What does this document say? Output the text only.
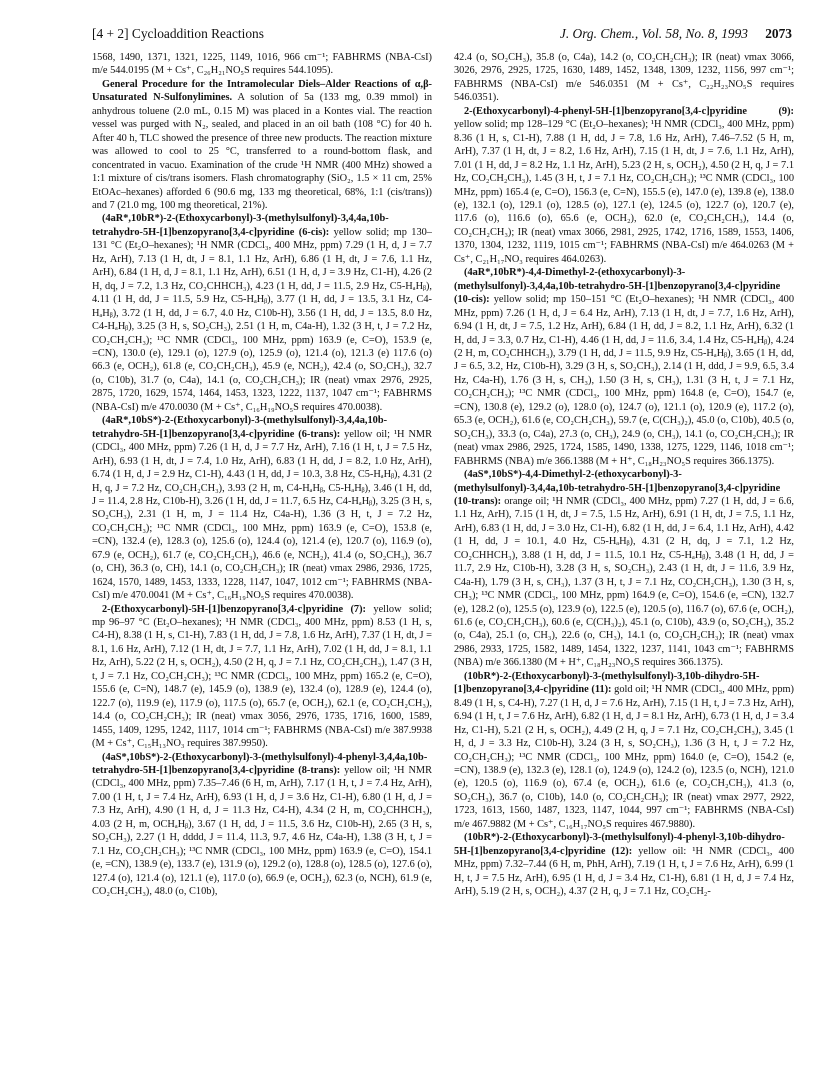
[4 + 2] Cycloaddition Reactions	J. Org. Chem., Vol. 58, No. 8, 1993 2073

1568, 1490, 1371, 1321, 1225, 1149, 1016, 966 cm⁻¹; FABHRMS (NBA-CsI) m/e 544.0195 (M + Cs⁺, C₂₆H₂₁NO₅S requires 544.1095).

General Procedure for the Intramolecular Diels–Alder Reactions of α,β-Unsaturated N-Sulfonylimines. A solution of 5a (133 mg, 0.39 mmol) in anhydrous toluene (2.0 mL, 0.15 M) was placed in a Kontes vial. The reaction vessel was purged with N₂, sealed, and placed in an oil bath (108 °C) for 40 h. After 40 h, TLC showed the presence of three new products. The reaction mixture was allowed to cool to 25 °C, transferred to a round-bottom flask, and concentrated in vacuo. Examination of the crude ¹H NMR (400 MHz) showed a 1:1 mixture of cis/trans isomers. Flash chromatography (SiO₂, 1.5 × 11 cm, 25% EtOAc–hexanes) afforded 6 (90.6 mg, 133 mg theoretical, 68%, 1:1 (cis/trans)) and 7 (21.0 mg, 100 mg theoretical, 21%).

(4aR*,10bR*)-2-(Ethoxycarbonyl)-3-(methylsulfonyl)-3,4,4a,10b-tetrahydro-5H-[1]benzopyrano[3,4-c]pyridine (6-cis): yellow solid; mp 130–131 °C (Et₂O–hexanes); ¹H NMR (CDCl₃, 400 MHz, ppm) 7.29 (1 H, d, J = 7.7 Hz, ArH), 7.13 (1 H, dt, J = 8.1, 1.1 Hz, ArH), 6.86 (1 H, dt, J = 7.6, 1.1 Hz, ArH), 6.84 (1 H, d, J = 8.1, 1.1 Hz, ArH), 6.51 (1 H, d, J = 3.9 Hz, C1-H), 4.26 (2 H, dq, J = 7.2, 1.3 Hz, CO₂CHHCH₃), 4.23 (1 H, dd, J = 11.5, 2.9 Hz, C5-HₐHᵦ), 4.11 (1 H, dd, J = 11.5, 5.9 Hz, C5-HₐHᵦ), 3.77 (1 H, dd, J = 13.5, 3.1 Hz, C4-HₐHᵦ), 3.72 (1 H, dd, J = 6.7, 4.0 Hz, C10b-H), 3.56 (1 H, dd, J = 13.5, 8.0 Hz, C4-HₐHᵦ), 3.25 (3 H, s, SO₂CH₃), 2.51 (1 H, m, C4a-H), 1.32 (3 H, t, J = 7.2 Hz, CO₂CH₂CH₃); ¹³C NMR (CDCl₃, 100 MHz, ppm) 163.9 (e, C=O), 153.9 (e, =CN), 130.0 (e), 129.1 (o), 127.9 (o), 125.9 (o), 121.4 (o), 121.3 (e) 117.6 (o) 66.3 (e, OCH₂), 61.8 (e, CO₂CH₂CH₃), 45.9 (e, NCH₂), 42.4 (o, SO₂CH₃), 32.7 (o, C10b), 31.7 (o, C4a), 14.1 (o, CO₂CH₂CH₃); IR (neat) νmax 2976, 2925, 2875, 1720, 1629, 1574, 1464, 1453, 1323, 1222, 1137, 1047 cm⁻¹; FABHRMS (NBA-CsI) m/e 470.0030 (M + Cs⁺, C₁₆H₁₉NO₅S requires 470.0038).

(4aR*,10bS*)-2-(Ethoxycarbonyl)-3-(methylsulfonyl)-3,4,4a,10b-tetrahydro-5H-[1]benzopyrano[3,4-c]pyridine (6-trans): yellow oil; ¹H NMR (CDCl₃, 400 MHz, ppm) 7.26 (1 H, d, J = 7.7 Hz, ArH), 7.16 (1 H, t, J = 7.5 Hz, ArH), 6.93 (1 H, dt, J = 7.4, 1.0 Hz, ArH), 6.83 (1 H, dd, J = 8.2, 1.0 Hz, ArH), 6.74 (1 H, d, J = 2.9 Hz, C1-H), 4.43 (1 H, dd, J = 10.3, 3.8 Hz, C5-HₐHᵦ), 4.31 (2 H, q, J = 7.2 Hz, CO₂CH₂CH₃), 3.93 (2 H, m, C4-HₐHᵦ, C5-HₐHᵦ), 3.46 (1 H, dd, J = 11.4, 2.8 Hz, C10b-H), 3.26 (1 H, dd, J = 11.7, 6.5 Hz, C4-HₐHᵦ), 3.25 (3 H, s, SO₂CH₃), 2.31 (1 H, m, J = 11.4 Hz, C4a-H), 1.36 (3 H, t, J = 7.2 Hz, CO₂CH₂CH₃); ¹³C NMR (CDCl₃, 100 MHz, ppm) 163.9 (e, C=O), 153.8 (e, =CN), 132.4 (e), 128.3 (o), 125.6 (o), 124.4 (o), 121.4 (e), 120.7 (o), 116.9 (o), 67.9 (e, OCH₂), 61.7 (e, CO₂CH₂CH₃), 46.6 (e, NCH₂), 41.4 (o, SO₂CH₃), 36.7 (o, CH), 36.3 (o, CH), 14.1 (o, CO₂CH₂CH₃); IR (neat) νmax 2986, 2936, 1725, 1624, 1570, 1489, 1453, 1333, 1228, 1147, 1047, 1012 cm⁻¹; FABHRMS (NBA-CsI) m/e 470.0041 (M + Cs⁺, C₁₆H₁₉NO₅S requires 470.0038).

2-(Ethoxycarbonyl)-5H-[1]benzopyrano[3,4-c]pyridine (7): yellow solid; mp 96–97 °C (Et₂O–hexanes); ¹H NMR (CDCl₃, 400 MHz, ppm) 8.53 (1 H, s, C4-H), 8.38 (1 H, s, C1-H), 7.83 (1 H, dd, J = 7.8, 1.6 Hz, ArH), 7.37 (1 H, dt, J = 8.1, 1.6 Hz, ArH), 7.12 (1 H, dt, J = 7.7, 1.1 Hz, ArH), 7.02 (1 H, dd, J = 8.1, 1.1 Hz, ArH), 5.22 (2 H, s, OCH₂), 4.50 (2 H, q, J = 7.1 Hz, CO₂CH₂CH₃), 1.47 (3 H, t, J = 7.1 Hz, CO₂CH₂CH₃); ¹³C NMR (CDCl₃, 100 MHz, ppm) 165.2 (e, C=O), 155.6 (e, C=N), 148.7 (e), 145.9 (o), 138.9 (e), 132.4 (o), 128.9 (e), 124.4 (o), 122.7 (o), 119.9 (e), 117.9 (o), 117.5 (o), 65.7 (e, OCH₂), 62.1 (e, CO₂CH₂CH₃), 14.4 (o, CO₂CH₂CH₃); IR (neat) νmax 3056, 2976, 1735, 1716, 1600, 1589, 1455, 1409, 1295, 1242, 1117, 1014 cm⁻¹; FABHRMS (NBA-CsI) m/e 387.9938 (M + Cs⁺, C₁₅H₁₃NO₃ requires 387.9950).

(4aS*,10bS*)-2-(Ethoxycarbonyl)-3-(methylsulfonyl)-4-phenyl-3,4,4a,10b-tetrahydro-5H-[1]benzopyrano[3,4-c]pyridine (8-trans): yellow oil; ¹H NMR (CDCl₃, 400 MHz, ppm) 7.35–7.46 (6 H, m, ArH), 7.17 (1 H, t, J = 7.4 Hz, ArH), 7.00 (1 H, t, J = 7.4 Hz, ArH), 6.93 (1 H, d, J = 3.6 Hz, C1-H), 6.80 (1 H, d, J = 7.3 Hz, ArH), 4.90 (1 H, d, J = 11.3 Hz, C4-H), 4.34 (2 H, m, CO₂CHHCH₃), 4.03 (2 H, m, OCHₐHᵦ), 3.67 (1 H, dd, J = 11.5, 3.6 Hz, C10b-H), 2.65 (3 H, s, SO₂CH₃), 2.27 (1 H, dddd, J = 11.4, 11.3, 9.7, 4.6 Hz, C4a-H), 1.38 (3 H, t, J = 7.1 Hz, CO₂CH₂CH₃); ¹³C NMR (CDCl₃, 100 MHz, ppm) 163.9 (e, C=O), 154.1 (e, =CN), 138.9 (e), 133.7 (e), 131.9 (o), 129.2 (o), 128.8 (o), 128.5 (o), 127.6 (o), 127.4 (o), 121.4 (o), 121.1 (e), 117.0 (o), 66.9 (e, OCH₂), 62.3 (o, NCH), 61.9 (e, CO₂CH₂CH₃), 48.0 (o, C10b),

42.4 (o, SO₂CH₃), 35.8 (o, C4a), 14.2 (o, CO₂CH₂CH₃); IR (neat) νmax 3066, 3026, 2976, 2925, 1725, 1630, 1489, 1452, 1348, 1309, 1232, 1156, 997 cm⁻¹; FABHRMS (NBA-CsI) m/e 546.0351 (M + Cs⁺, C₂₂H₂₃NO₅S requires 546.0351).

2-(Ethoxycarbonyl)-4-phenyl-5H-[1]benzopyrano[3,4-c]pyridine (9): yellow solid; mp 128–129 °C (Et₂O–hexanes); ¹H NMR (CDCl₃, 400 MHz, ppm) 8.36 (1 H, s, C1-H), 7.88 (1 H, dd, J = 7.8, 1.6 Hz, ArH), 7.46–7.52 (5 H, m, ArH), 7.37 (1 H, dt, J = 8.2, 1.6 Hz, ArH), 7.15 (1 H, dt, J = 7.6, 1.1 Hz, ArH), 7.01 (1 H, dd, J = 8.2 Hz, 1.1 Hz, ArH), 5.23 (2 H, s, OCH₂), 4.50 (2 H, q, J = 7.1 Hz, CO₂CH₂CH₃), 1.45 (3 H, t, J = 7.1 Hz, CO₂CH₂CH₃); ¹³C NMR (CDCl₃, 100 MHz, ppm) 165.4 (e, C=O), 156.3 (e, C=N), 155.5 (e), 147.0 (e), 139.8 (e), 138.0 (e), 132.1 (o), 129.1 (o), 128.5 (o), 127.1 (e), 124.5 (o), 122.7 (o), 120.7 (e), 117.6 (o), 116.6 (o), 65.6 (e, OCH₂), 62.0 (e, CO₂CH₂CH₃), 14.4 (o, CO₂CH₂CH₃); IR (neat) νmax 3066, 2981, 2925, 1742, 1716, 1589, 1553, 1406, 1370, 1304, 1232, 1119, 1015 cm⁻¹; FABHRMS (NBA-CsI) m/e 464.0263 (M + Cs⁺, C₂₁H₁₇NO₃ requires 464.0263).

(4aR*,10bR*)-4,4-Dimethyl-2-(ethoxycarbonyl)-3-(methylsulfonyl)-3,4,4a,10b-tetrahydro-5H-[1]benzopyrano[3,4-c]pyridine (10-cis): yellow solid; mp 150–151 °C (Et₂O–hexanes); ¹H NMR (CDCl₃, 400 MHz, ppm) 7.26 (1 H, d, J = 6.4 Hz, ArH), 7.13 (1 H, dt, J = 7.7, 1.6 Hz, ArH), 6.94 (1 H, dt, J = 7.5, 1.2 Hz, ArH), 6.84 (1 H, dd, J = 8.2, 1.1 Hz, ArH), 6.32 (1 H, dd, J = 3.3, 0.7 Hz, C1-H), 4.46 (1 H, dd, J = 11.6, 3.4, 1.4 Hz, C5-HₐHᵦ), 4.24 (2 H, m, CO₂CHHCH₃), 3.79 (1 H, dd, J = 11.5, 9.9 Hz, C5-HₐHᵦ), 3.65 (1 H, dd, J = 6.5, 3.2, Hz, C10b-H), 3.29 (3 H, s, SO₂CH₃), 2.14 (1 H, ddd, J = 9.9, 6.5, 3.4 Hz, C4a-H), 1.76 (3 H, s, CH₃), 1.50 (3 H, s, CH₃), 1.31 (3 H, t, J = 7.1 Hz, CO₂CH₂CH₃); ¹³C NMR (CDCl₃, 100 MHz, ppm) 164.8 (e, C=O), 154.7 (e, =CN), 130.8 (e), 129.2 (o), 128.0 (o), 124.7 (o), 121.1 (o), 120.9 (e), 117.2 (o), 65.3 (e, OCH₂), 61.6 (e, CO₂CH₂CH₃), 59.7 (e, C(CH₃)₂), 45.0 (o, C10b), 40.5 (o, SO₂CH₃), 33.3 (o, C4a), 27.3 (o, CH₃), 24.9 (o, CH₃), 14.1 (o, CO₂CH₂CH₃); IR (neat) νmax 2986, 2925, 1724, 1585, 1490, 1338, 1275, 1229, 1146, 1018 cm⁻¹; FABHRMS (NBA) m/e 366.1388 (M + H⁺, C₁₈H₂₃NO₅S requires 366.1375).

(4aS*,10bS*)-4,4-Dimethyl-2-(ethoxycarbonyl)-3-(methylsulfonyl)-3,4,4a,10b-tetrahydro-5H-[1]benzopyrano[3,4-c]pyridine (10-trans): orange oil; ¹H NMR (CDCl₃, 400 MHz, ppm) 7.27 (1 H, dd, J = 6.6, 1.1 Hz, ArH), 7.15 (1 H, dt, J = 7.5, 1.5 Hz, ArH), 6.91 (1 H, dt, J = 7.5, 1.1 Hz, ArH), 6.83 (1 H, dd, J = 3.0 Hz, C1-H), 6.82 (1 H, dd, J = 6.4, 1.1 Hz, ArH), 4.42 (1 H, dd, J = 10.1, 4.0 Hz, C5-HₐHᵦ), 4.31 (2 H, dq, J = 7.1, 1.2 Hz, CO₂CHHCH₃), 3.88 (1 H, dd, J = 11.5, 10.1 Hz, C5-HₐHᵦ), 3.48 (1 H, dd, J = 11.7, 2.9 Hz, C10b-H), 3.28 (3 H, s, SO₂CH₃), 2.43 (1 H, dt, J = 11.6, 3.9 Hz, C4a-H), 1.79 (3 H, s, CH₃), 1.37 (3 H, t, J = 7.1 Hz, CO₂CH₂CH₃), 1.30 (3 H, s, CH₃); ¹³C NMR (CDCl₃, 100 MHz, ppm) 164.9 (e, C=O), 154.6 (e, =CN), 132.7 (e), 128.2 (o), 125.5 (o), 123.9 (o), 122.5 (e), 120.5 (o), 116.7 (o), 67.6 (e, OCH₂), 61.6 (e, CO₂CH₂CH₃), 60.6 (e, C(CH₃)₂), 45.1 (o, C10b), 43.9 (o, SO₂CH₃), 35.2 (o, C4a), 25.1 (o, CH₃), 22.6 (o, CH₃), 14.1 (o, CO₂CH₂CH₃); IR (neat) νmax 2986, 2933, 1725, 1582, 1489, 1454, 1322, 1237, 1141, 1043 cm⁻¹; FABHRMS (NBA) m/e 366.1380 (M + H⁺, C₁₈H₂₃NO₅S requires 366.1375).

(10bR*)-2-(Ethoxycarbonyl)-3-(methylsulfonyl)-3,10b-dihydro-5H-[1]benzopyrano[3,4-c]pyridine (11): gold oil; ¹H NMR (CDCl₃, 400 MHz, ppm) 8.49 (1 H, s, C4-H), 7.27 (1 H, d, J = 7.6 Hz, ArH), 7.15 (1 H, t, J = 7.3 Hz, ArH), 6.94 (1 H, t, J = 7.6 Hz, ArH), 6.82 (1 H, d, J = 8.1 Hz, ArH), 6.73 (1 H, d, J = 3.4 Hz, C1-H), 5.21 (2 H, s, OCH₂), 4.49 (2 H, q, J = 7.1 Hz, CO₂CH₂CH₃), 3.45 (1 H, d, J = 3.3 Hz, C10b-H), 3.24 (3 H, s, SO₂CH₃), 1.36 (3 H, t, J = 7.2 Hz, CO₂CH₂CH₃); ¹³C NMR (CDCl₃, 100 MHz, ppm) 164.0 (e, C=O), 154.2 (e, =CN), 138.9 (e), 132.3 (e), 128.1 (o), 124.9 (o), 124.2 (o), 123.5 (o, NCH), 121.0 (e), 120.5 (o), 116.9 (o), 67.4 (e, OCH₂), 61.6 (e, CO₂CH₂CH₃), 41.3 (o, SO₂CH₃), 36.7 (o, C10b), 14.0 (o, CO₂CH₂CH₃); IR (neat) νmax 2977, 2922, 1723, 1613, 1560, 1487, 1323, 1147, 1044, 997 cm⁻¹; FABHRMS (NBA-CsI) m/e 467.9882 (M + Cs⁺, C₁₆H₁₇NO₅S requires 467.9880).

(10bR*)-2-(Ethoxycarbonyl)-3-(methylsulfonyl)-4-phenyl-3,10b-dihydro-5H-[1]benzopyrano[3,4-c]pyridine (12): yellow oil: ¹H NMR (CDCl₃, 400 MHz, ppm) 7.32–7.44 (6 H, m, PhH, ArH), 7.19 (1 H, t, J = 7.6 Hz, ArH), 6.99 (1 H, t, J = 7.5 Hz, ArH), 6.95 (1 H, d, J = 3.4 Hz, C1-H), 6.81 (1 H, d, J = 7.4 Hz, ArH), 5.19 (2 H, s, OCH₂), 4.37 (2 H, q, J = 7.1 Hz, CO₂CH₂-
